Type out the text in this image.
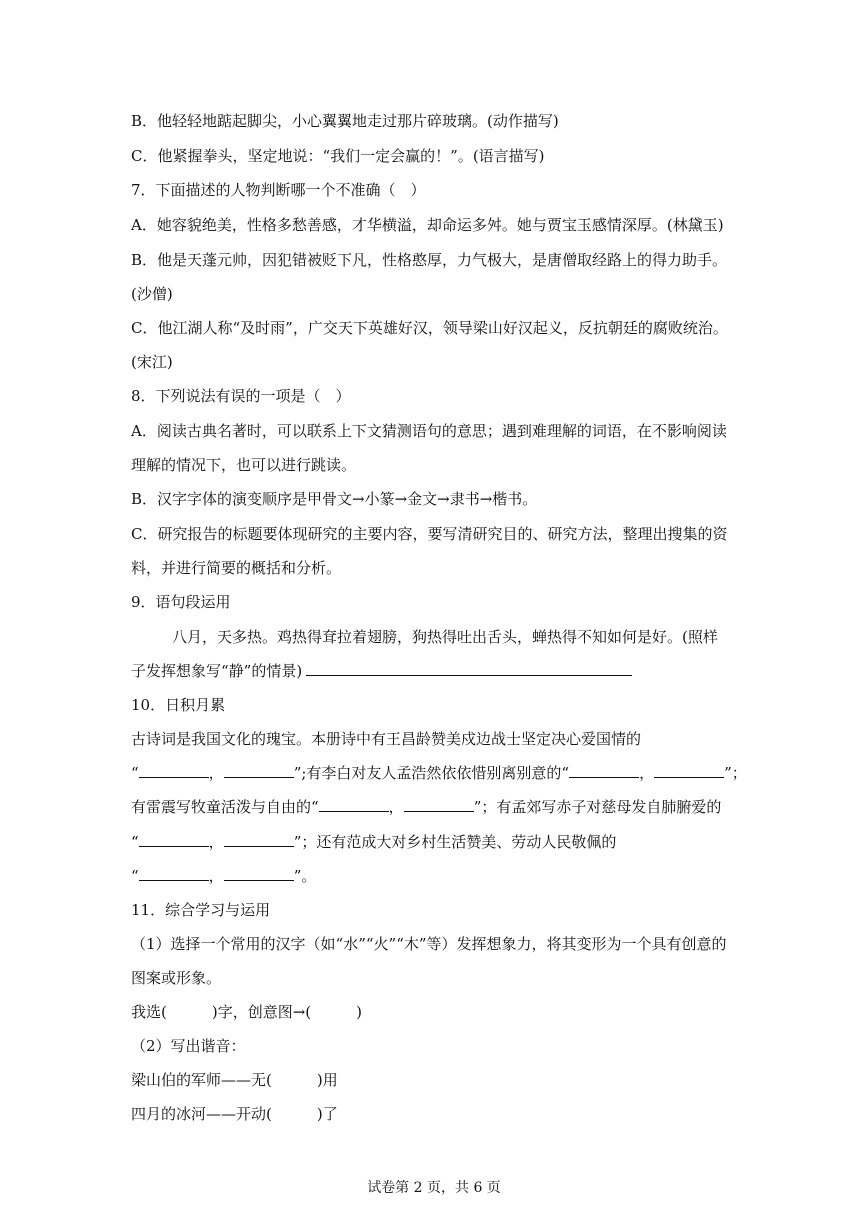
B．他轻轻地踮起脚尖，小心翼翼地走过那片碎玻璃。(动作描写)
C．他紧握拳头，坚定地说：“我们一定会赢的！”。(语言描写)
7．下面描述的人物判断哪一个不准确（　）
A．她容貌绝美，性格多愁善感，才华横溢，却命运多舛。她与贾宝玉感情深厚。(林黛玉)
B．他是天蓬元帅，因犯错被贬下凡，性格憨厚，力气极大，是唐僧取经路上的得力助手。
(沙僧)
C．他江湖人称“及时雨”，广交天下英雄好汉，领导梁山好汉起义，反抗朝廷的腐败统治。
(宋江)
8．下列说法有误的一项是（　）
A．阅读古典名著时，可以联系上下文猜测语句的意思；遇到难理解的词语，在不影响阅读
理解的情况下，也可以进行跳读。
B．汉字字体的演变顺序是甲骨文→小篆→金文→隶书→楷书。
C．研究报告的标题要体现研究的主要内容，要写清研究目的、研究方法，整理出搜集的资
料，并进行简要的概括和分析。
9．语句段运用
八月，天多热。鸡热得耷拉着翅膀，狗热得吐出舌头，蝉热得不知如何是好。(照样
子发挥想象写“静”的情景)
10．日积月累
古诗词是我国文化的瑰宝。本册诗中有王昌龄赞美戍边战士坚定决心爱国情的
“	，	”;有李白对友人孟浩然依依惜别离别意的“	，	”；
有雷震写牧童活泼与自由的“	，	”；有孟郊写赤子对慈母发自肺腑爱的
“	，	”；还有范成大对乡村生活赞美、劳动人民敬佩的
“	，	”。
11．综合学习与运用
（1）选择一个常用的汉字（如“水”“火”“木”等）发挥想象力，将其变形为一个具有创意的
图案或形象。
我选(　　　)字，创意图→(　　　)
（2）写出谐音：
梁山伯的军师——无(　　　)用
四月的冰河——开动(　　　)了
试卷第 2 页，共 6 页
